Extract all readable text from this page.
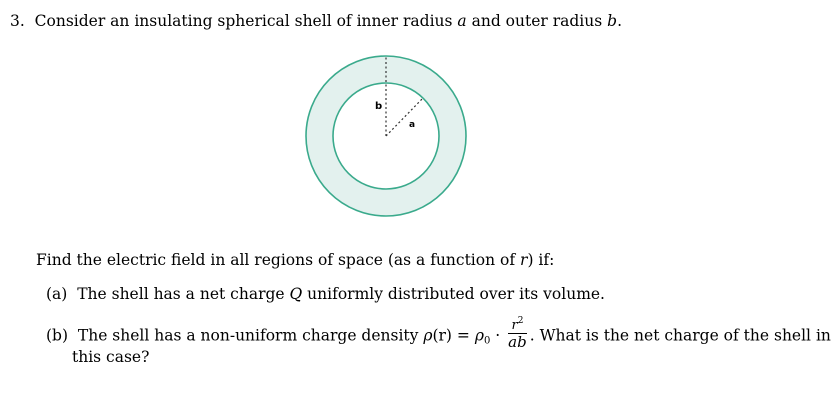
3. Consider an insulating spherical shell of inner radius a and outer radius b.
b
a
Find the electric field in all regions of space (as a function of r) if:
(a) The shell has a net charge Q uniformly distributed over its volume.
(b) The shell has a non-uniform charge density $\rho(r) = \rho_0 \cdot \frac{r^2}{ab}$ . What is the net charge of the shell in
this case?
